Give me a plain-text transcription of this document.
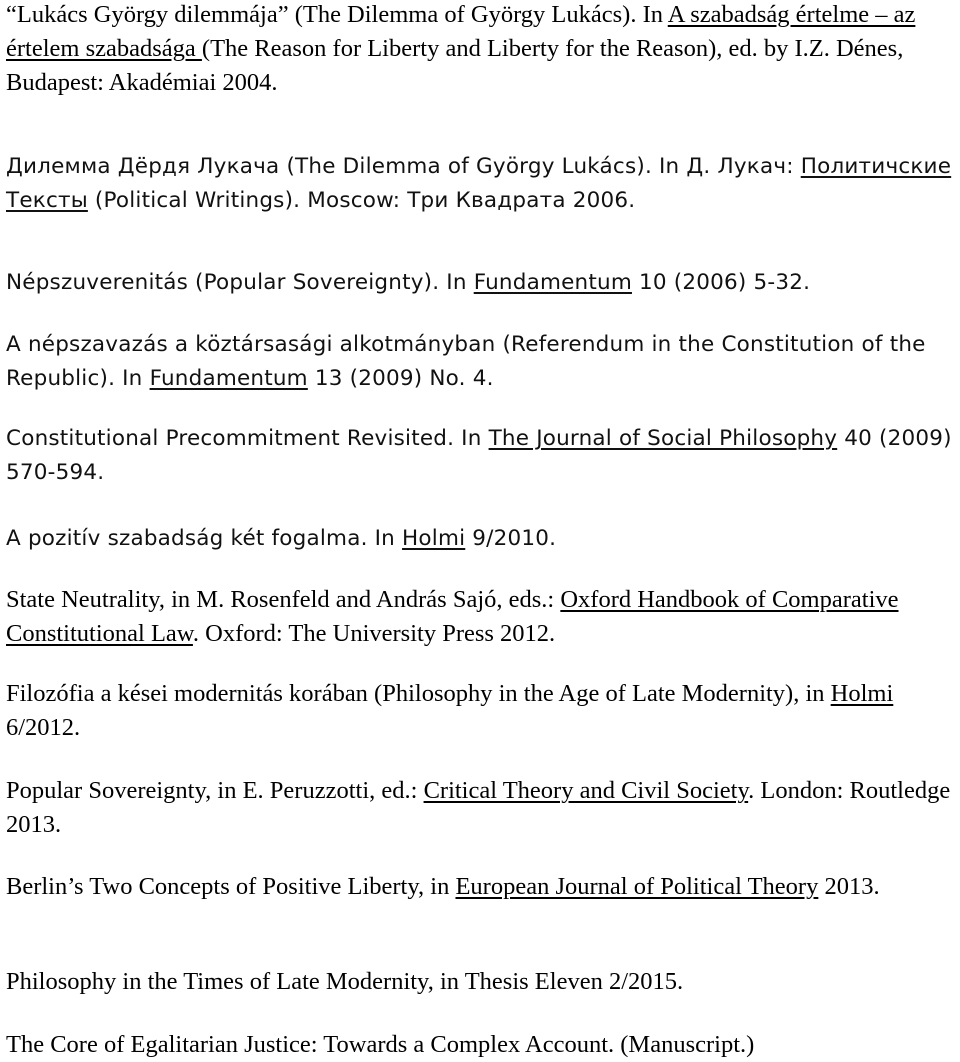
“Lukács György dilemmája” (The Dilemma of György Lukács). In A szabadság értelme – az értelem szabadsága (The Reason for Liberty and Liberty for the Reason), ed. by I.Z. Dénes, Budapest: Akadémiai 2004.

Дилемма Дёрдя Лукача (The Dilemma of György Lukács). In Д. Лукач: Политичские Тексты (Political Writings). Moscow: Три Квадрата 2006.

Népszuverenitás (Popular Sovereignty). In Fundamentum 10 (2006) 5-32.

A népszavazás a köztársasági alkotmányban (Referendum in the Constitution of the Republic). In Fundamentum 13 (2009) No. 4.

Constitutional Precommitment Revisited. In The Journal of Social Philosophy 40 (2009) 570-594.

A pozitív szabadság két fogalma. In Holmi 9/2010.

State Neutrality, in M. Rosenfeld and András Sajó, eds.: Oxford Handbook of Comparative Constitutional Law. Oxford: The University Press 2012.

Filozófia a kései modernitás korában (Philosophy in the Age of Late Modernity), in Holmi 6/2012.

Popular Sovereignty, in E. Peruzzotti, ed.: Critical Theory and Civil Society. London: Routledge 2013.

Berlin’s Two Concepts of Positive Liberty, in European Journal of Political Theory 2013.

Philosophy in the Times of Late Modernity, in Thesis Eleven 2/2015.

The Core of Egalitarian Justice: Towards a Complex Account. (Manuscript.)
